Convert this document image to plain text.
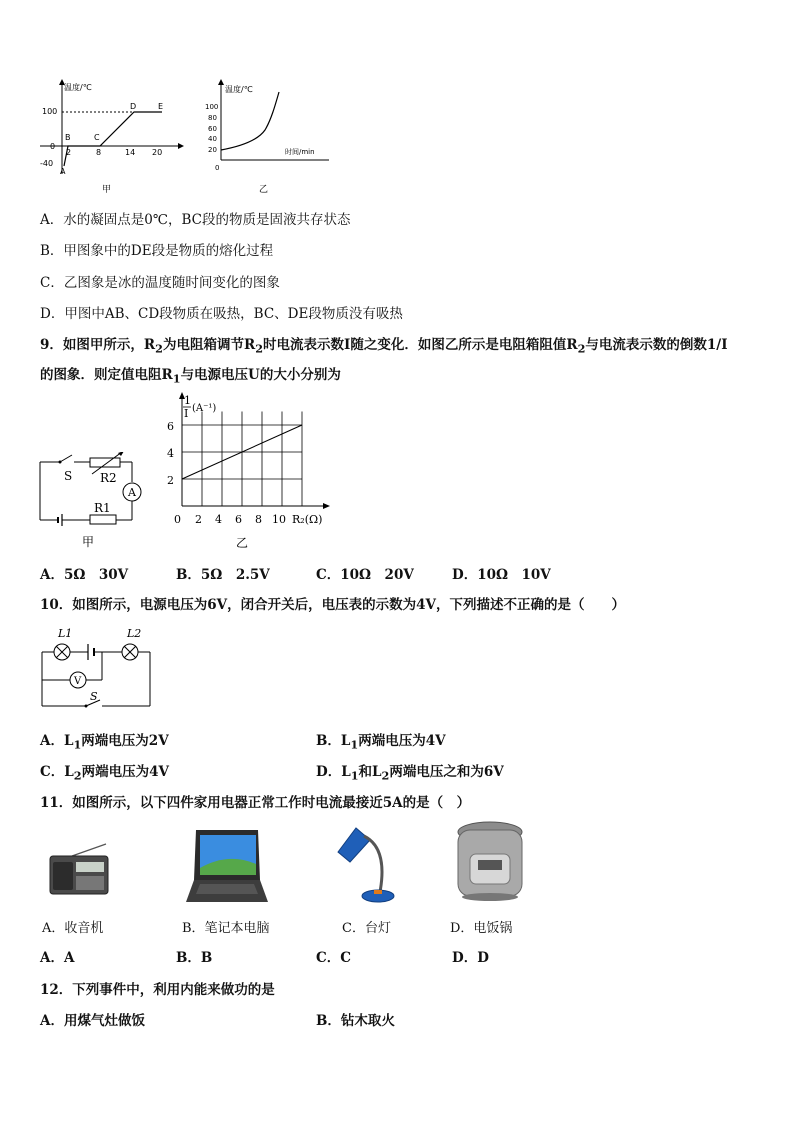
温度/℃
100
0
-40
A
B	C
D	E
2	8	14 20
甲
温度/℃
100
80
60
40
20
0
时间/min
乙
A．水的凝固点是0℃，BC段的物质是固液共存状态
B．甲图象中的DE段是物质的熔化过程
C．乙图象是冰的温度随时间变化的图象
D．甲图中AB、CD段物质在吸热，BC、DE段物质没有吸热
9．如图甲所示，$R_2$为电阻箱调节$R_2$时电流表示数I随之变化．如图乙所示是电阻箱阻值$R_2$与电流表示数的倒数1/I
的图象．则定值电阻$R_1$与电源电压U的大小分别为
A
S R2
R1
甲
1
I (A⁻¹)
6
4
2
0 2 4 6 8 10 R₂(Ω)
乙
A．5Ω　30V	B．5Ω　2.5V	C．10Ω　20V	D．10Ω　10V
10．如图所示，电源电压为6V，闭合开关后，电压表的示数为4V，下列描述不正确的是（　　）
V
L1	L2
S
A．$L_1$两端电压为2V	B．$L_1$两端电压为4V
C．$L_2$两端电压为4V	D．$L_1$和$L_2$两端电压之和为6V
11．如图所示，以下四件家用电器正常工作时电流最接近5A的是（　）
A．收音机	B．笔记本电脑	C．台灯	D．电饭锅
A．A	B．B	C．C	D．D
12．下列事件中，利用内能来做功的是
A．用煤气灶做饭	B．钻木取火
